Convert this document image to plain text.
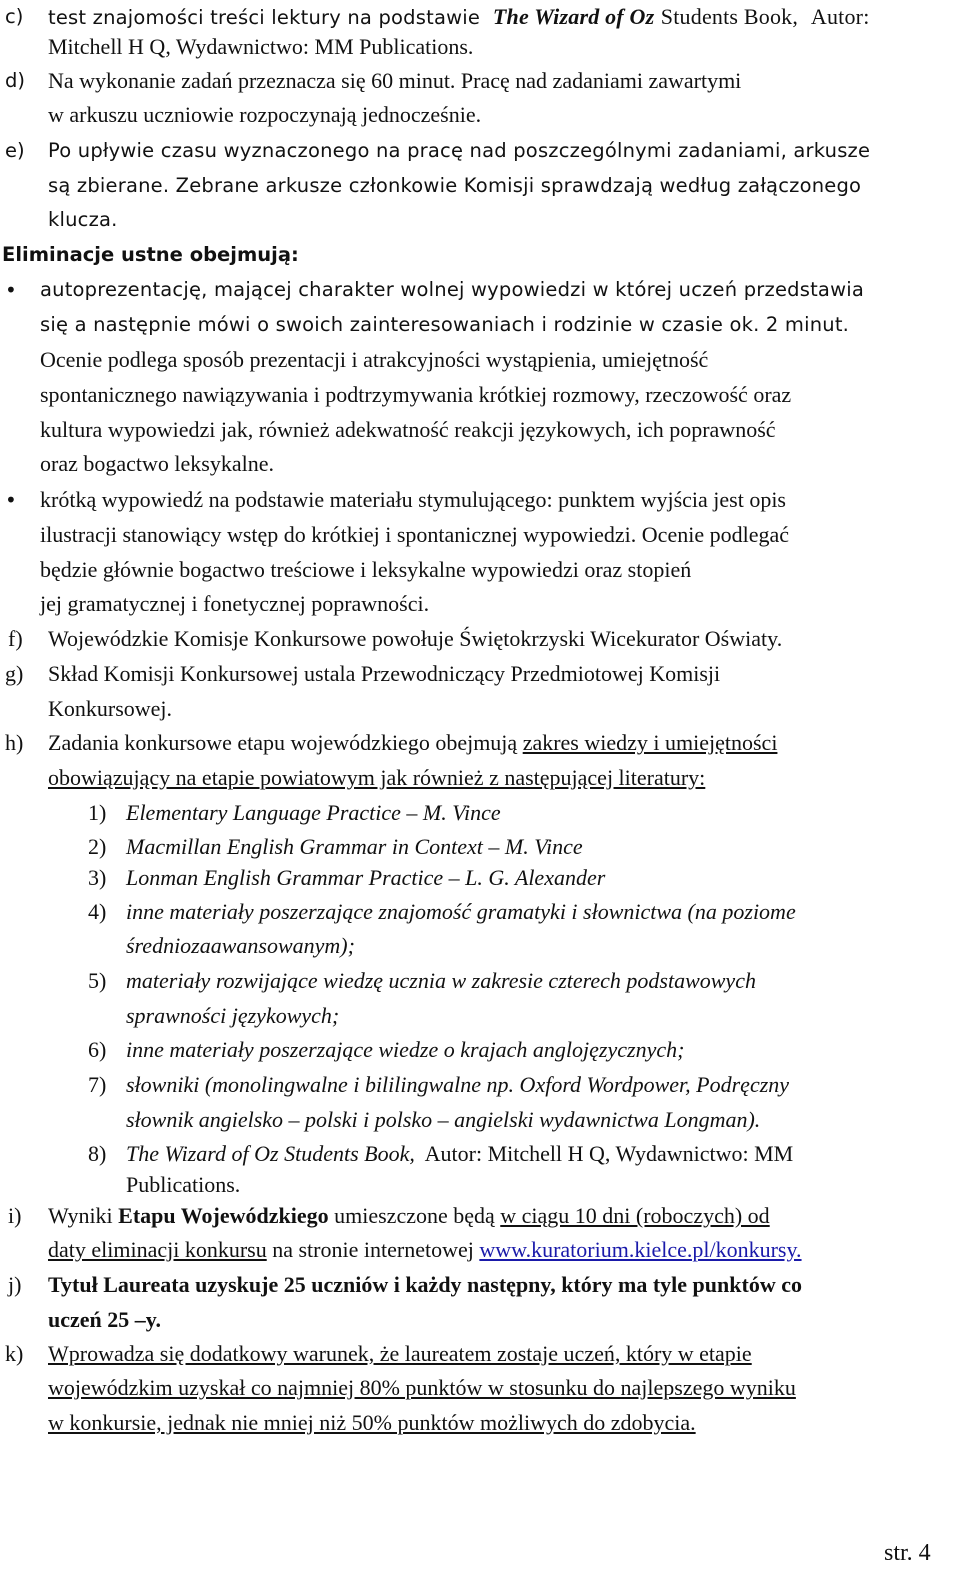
c) test znajomości treści lektury na podstawie The Wizard of Oz Students Book, Autor:
Mitchell H Q, Wydawnictwo: MM Publications.
d) Na wykonanie zadań przeznacza się 60 minut. Pracę nad zadaniami zawartymi
w arkuszu uczniowie rozpoczynają jednocześnie.
e) Po upływie czasu wyznaczonego na pracę nad poszczególnymi zadaniami, arkusze
są zbierane. Zebrane arkusze członkowie Komisji sprawdzają według załączonego
klucza.
Eliminacje ustne obejmują:
• autoprezentację, mającej charakter wolnej wypowiedzi w której uczeń przedstawia
się a następnie mówi o swoich zainteresowaniach i rodzinie w czasie ok. 2 minut.
Ocenie podlega sposób prezentacji i atrakcyjności wystąpienia, umiejętność
spontanicznego nawiązywania i podtrzymywania krótkiej rozmowy, rzeczowość oraz
kultura wypowiedzi jak, również adekwatność reakcji językowych, ich poprawność
oraz bogactwo leksykalne.
• krótką wypowiedź na podstawie materiału stymulującego: punktem wyjścia jest opis
ilustracji stanowiący wstęp do krótkiej i spontanicznej wypowiedzi. Ocenie podlegać
będzie głównie bogactwo treściowe i leksykalne wypowiedzi oraz stopień
jej gramatycznej i fonetycznej poprawności.
f) Wojewódzkie Komisje Konkursowe powołuje Świętokrzyski Wicekurator Oświaty.
g) Skład Komisji Konkursowej ustala Przewodniczący Przedmiotowej Komisji
Konkursowej.
h) Zadania konkursowe etapu wojewódzkiego obejmują zakres wiedzy i umiejętności
obowiązujący na etapie powiatowym jak również z następującej literatury:
1) Elementary Language Practice – M. Vince
2) Macmillan English Grammar in Context – M. Vince
3) Lonman English Grammar Practice – L. G. Alexander
4) inne materiały poszerzające znajomość gramatyki i słownictwa (na poziome
średniozaawansowanym);
5) materiały rozwijające wiedzę ucznia w zakresie czterech podstawowych
sprawności językowych;
6) inne materiały poszerzające wiedze o krajach anglojęzycznych;
7) słowniki (monolingwalne i bililingwalne np. Oxford Wordpower, Podręczny
słownik angielsko – polski i polsko – angielski wydawnictwa Longman).
8) The Wizard of Oz Students Book, Autor: Mitchell H Q, Wydawnictwo: MM
Publications.
i) Wyniki Etapu Wojewódzkiego umieszczone będą w ciągu 10 dni (roboczych) od
daty eliminacji konkursu na stronie internetowej www.kuratorium.kielce.pl/konkursy.
j) Tytuł Laureata uzyskuje 25 uczniów i każdy następny, który ma tyle punktów co
uczeń 25 –y.
k) Wprowadza się dodatkowy warunek, że laureatem zostaje uczeń, który w etapie
wojewódzkim uzyskał co najmniej 80% punktów w stosunku do najlepszego wyniku
w konkursie, jednak nie mniej niż 50% punktów możliwych do zdobycia.
str. 4
